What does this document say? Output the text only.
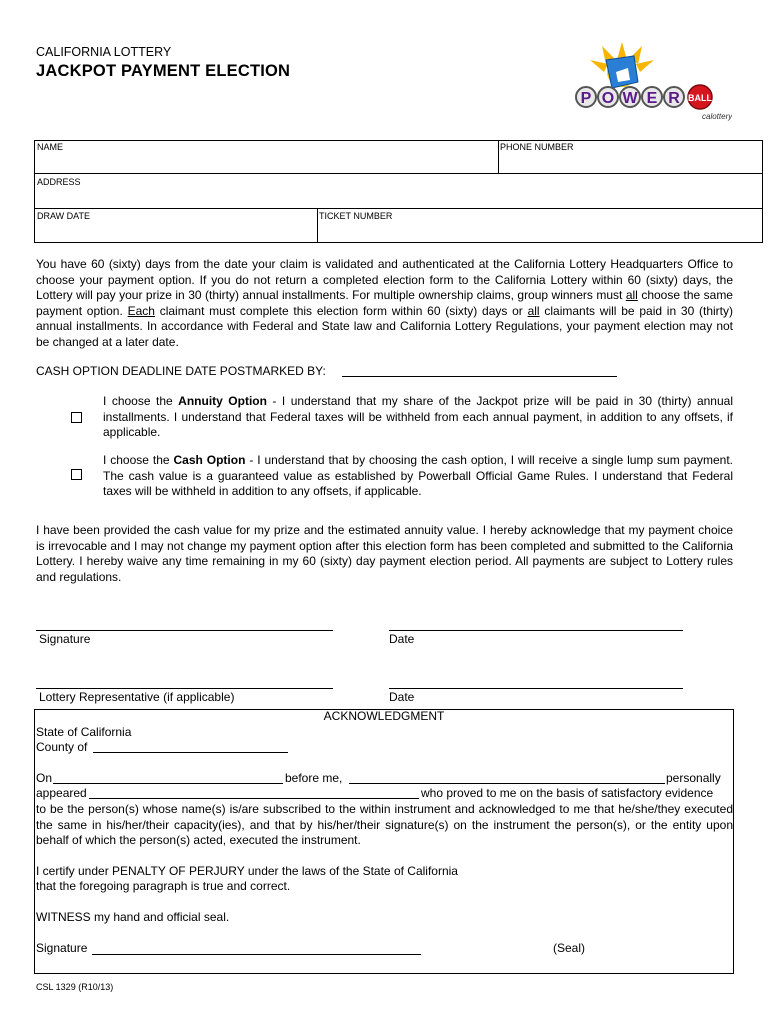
CALIFORNIA LOTTERY
JACKPOT PAYMENT ELECTION
P	BALL
O W E R
calottery
NAME	PHONE NUMBER
ADDRESS
DRAW DATE	TICKET NUMBER
You have 60 (sixty) days from the date your claim is validated and authenticated at the California Lottery Headquarters Office to choose your payment option. If you do not return a completed election form to the California Lottery within 60 (sixty) days, the Lottery will pay your prize in 30 (thirty) annual installments. For multiple ownership claims, group winners must all choose the same payment option. Each claimant must complete this election form within 60 (sixty) days or all claimants will be paid in 30 (thirty) annual installments. In accordance with Federal and State law and California Lottery Regulations, your payment election may not be changed at a later date.
CASH OPTION DEADLINE DATE POSTMARKED BY:
I choose the Annuity Option - I understand that my share of the Jackpot prize will be paid in 30 (thirty) annual installments. I understand that Federal taxes will be withheld from each annual payment, in addition to any offsets, if applicable.
I choose the Cash Option - I understand that by choosing the cash option, I will receive a single lump sum payment. The cash value is a guaranteed value as established by Powerball Official Game Rules. I understand that Federal taxes will be withheld in addition to any offsets, if applicable.
I have been provided the cash value for my prize and the estimated annuity value. I hereby acknowledge that my payment choice is irrevocable and I may not change my payment option after this election form has been completed and submitted to the California Lottery. I hereby waive any time remaining in my 60 (sixty) day payment election period. All payments are subject to Lottery rules and regulations.
Signature	Date
Lottery Representative (if applicable)	Date
ACKNOWLEDGMENT
State of California
County of
On	before me,	personally
appeared	who proved to me on the basis of satisfactory evidence
to be the person(s) whose name(s) is/are subscribed to the within instrument and acknowledged to me that he/she/they executed the same in his/her/their capacity(ies), and that by his/her/their signature(s) on the instrument the person(s), or the entity upon behalf of which the person(s) acted, executed the instrument.
I certify under PENALTY OF PERJURY under the laws of the State of California
that the foregoing paragraph is true and correct.
WITNESS my hand and official seal.
Signature	(Seal)
CSL 1329 (R10/13)
